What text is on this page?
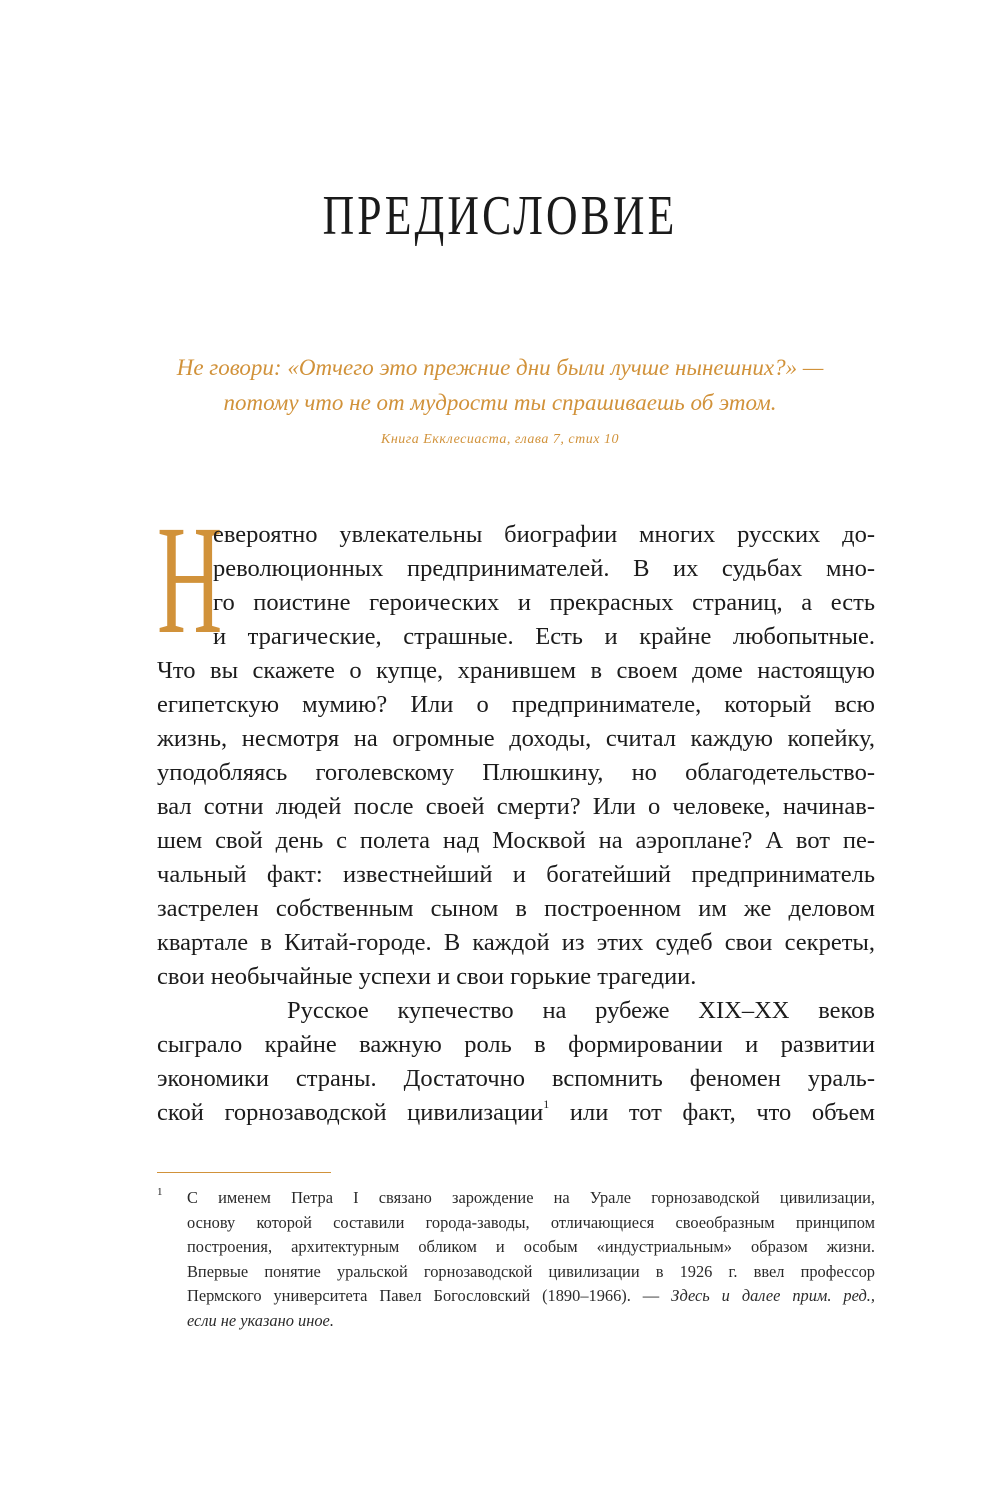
ПРЕДИСЛОВИЕ
Не говори: «Отчего это прежние дни были лучше нынешних?» —
потому что не от мудрости ты спрашиваешь об этом.
Книга Екклесиаста, глава 7, стих 10
Н
евероятно увлекательны биографии многих русских до-
революционных предпринимателей. В их судьбах мно-
го поистине героических и прекрасных страниц, а есть
и трагические, страшные. Есть и крайне любопытные.
Что вы скажете о купце, хранившем в своем доме настоящую
египетскую мумию? Или о предпринимателе, который всю
жизнь, несмотря на огромные доходы, считал каждую копейку,
уподобляясь гоголевскому Плюшкину, но облагодетельство-
вал сотни людей после своей смерти? Или о человеке, начинав-
шем свой день с полета над Москвой на аэроплане? А вот пе-
чальный факт: известнейший и богатейший предприниматель
застрелен собственным сыном в построенном им же деловом
квартале в Китай-городе. В каждой из этих судеб свои секреты,
свои необычайные успехи и свои горькие трагедии.
Русское купечество на рубеже XIX–XX веков
сыграло крайне важную роль в формировании и развитии
экономики страны. Достаточно вспомнить феномен ураль-
ской горнозаводской цивилизации$^1$ или тот факт, что объем
1 С именем Петра I связано зарождение на Урале горнозаводской цивилизации,
основу которой составили города-заводы, отличающиеся своеобразным принципом
построения, архитектурным обликом и особым «индустриальным» образом жизни.
Впервые понятие уральской горнозаводской цивилизации в 1926 г. ввел профессор
Пермского университета Павел Богословский (1890–1966). — Здесь и далее прим. ред.,
если не указано иное.
